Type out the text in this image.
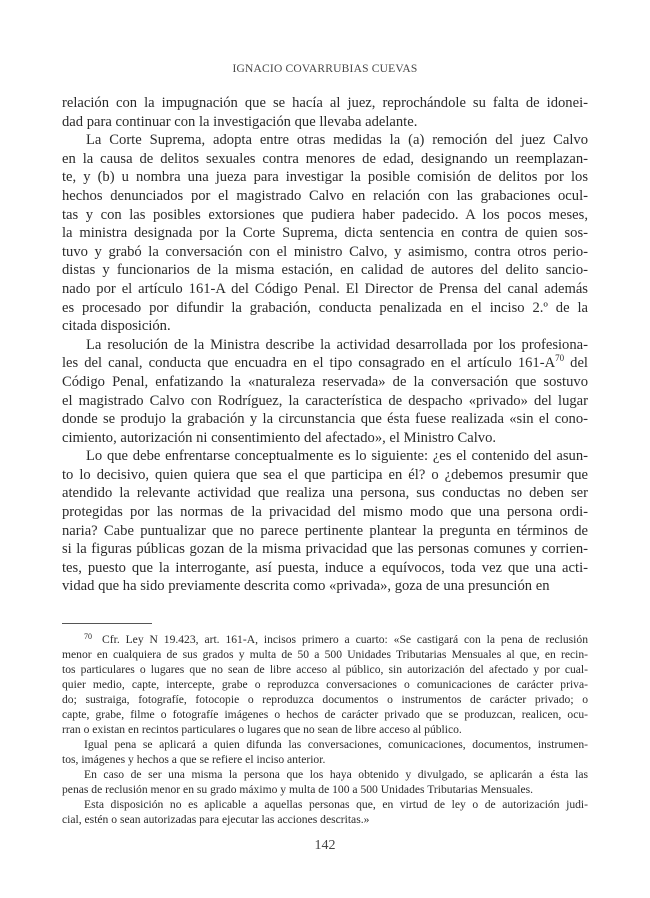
IGNACIO COVARRUBIAS CUEVAS
relación con la impugnación que se hacía al juez, reprochándole su falta de idonei-
dad para continuar con la investigación que llevaba adelante.
La Corte Suprema, adopta entre otras medidas la (a) remoción del juez Calvo
en la causa de delitos sexuales contra menores de edad, designando un reemplazan-
te, y (b) u nombra una jueza para investigar la posible comisión de delitos por los
hechos denunciados por el magistrado Calvo en relación con las grabaciones ocul-
tas y con las posibles extorsiones que pudiera haber padecido. A los pocos meses,
la ministra designada por la Corte Suprema, dicta sentencia en contra de quien sos-
tuvo y grabó la conversación con el ministro Calvo, y asimismo, contra otros perio-
distas y funcionarios de la misma estación, en calidad de autores del delito sancio-
nado por el artículo 161-A del Código Penal. El Director de Prensa del canal además
es procesado por difundir la grabación, conducta penalizada en el inciso 2.º de la
citada disposición.
La resolución de la Ministra describe la actividad desarrollada por los profesiona-
les del canal, conducta que encuadra en el tipo consagrado en el artículo $161-A^{70}$ del
Código Penal, enfatizando la «naturaleza reservada» de la conversación que sostuvo
el magistrado Calvo con Rodríguez, la característica de despacho «privado» del lugar
donde se produjo la grabación y la circunstancia que ésta fuese realizada «sin el cono-
cimiento, autorización ni consentimiento del afectado», el Ministro Calvo.
Lo que debe enfrentarse conceptualmente es lo siguiente: ¿es el contenido del asun-
to lo decisivo, quien quiera que sea el que participa en él? o ¿debemos presumir que
atendido la relevante actividad que realiza una persona, sus conductas no deben ser
protegidas por las normas de la privacidad del mismo modo que una persona ordi-
naria? Cabe puntualizar que no parece pertinente plantear la pregunta en términos de
si la figuras públicas gozan de la misma privacidad que las personas comunes y corrien-
tes, puesto que la interrogante, así puesta, induce a equívocos, toda vez que una acti-
vidad que ha sido previamente descrita como «privada», goza de una presunción en
$^{70}$ Cfr. Ley N 19.423, art. 161-A, incisos primero a cuarto: «Se castigará con la pena de reclusión
menor en cualquiera de sus grados y multa de 50 a 500 Unidades Tributarias Mensuales al que, en recin-
tos particulares o lugares que no sean de libre acceso al público, sin autorización del afectado y por cual-
quier medio, capte, intercepte, grabe o reproduzca conversaciones o comunicaciones de carácter priva-
do; sustraiga, fotografíe, fotocopie o reproduzca documentos o instrumentos de carácter privado; o
capte, grabe, filme o fotografíe imágenes o hechos de carácter privado que se produzcan, realicen, ocu-
rran o existan en recintos particulares o lugares que no sean de libre acceso al público.
Igual pena se aplicará a quien difunda las conversaciones, comunicaciones, documentos, instrumen-
tos, imágenes y hechos a que se refiere el inciso anterior.
En caso de ser una misma la persona que los haya obtenido y divulgado, se aplicarán a ésta las
penas de reclusión menor en su grado máximo y multa de 100 a 500 Unidades Tributarias Mensuales.
Esta disposición no es aplicable a aquellas personas que, en virtud de ley o de autorización judi-
cial, estén o sean autorizadas para ejecutar las acciones descritas.»
142
